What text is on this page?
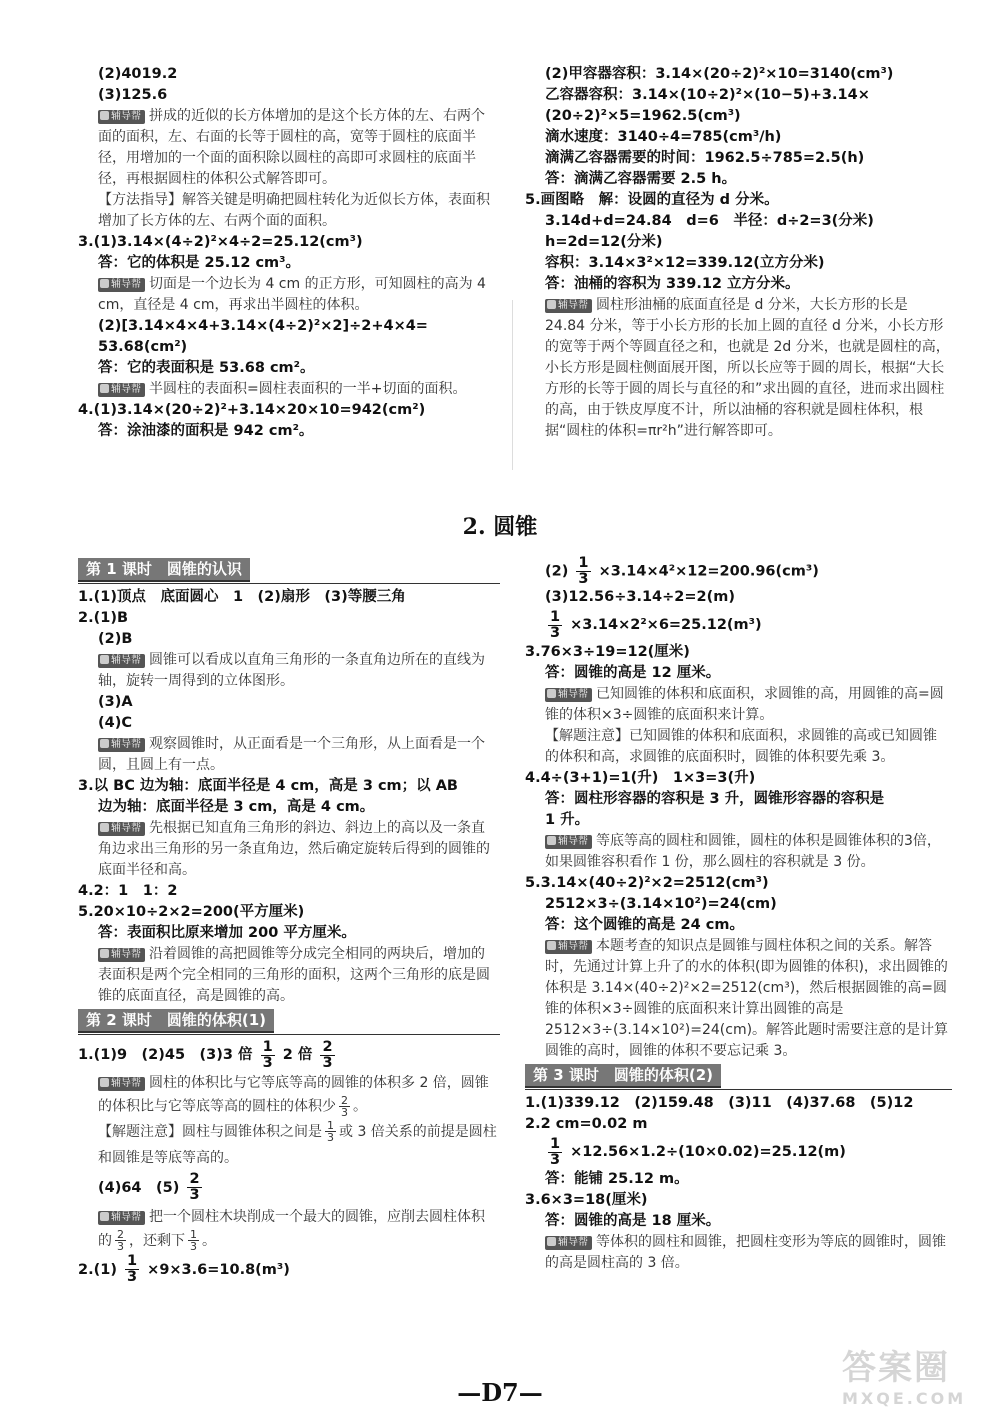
(2)4019.2

(3)125.6

辅导帮 拼成的近似的长方体增加的是这个长方体的左、右两个面的面积，左、右面的长等于圆柱的高，宽等于圆柱的底面半径，用增加的一个面的面积除以圆柱的高即可求圆柱的底面半径，再根据圆柱的体积公式解答即可。
【方法指导】解答关键是明确把圆柱转化为近似长方体，表面积增加了长方体的左、右两个面的面积。

3.(1)3.14×(4÷2)²×4÷2=25.12(cm³)

答：它的体积是 25.12 cm³。

辅导帮 切面是一个边长为 4 cm 的正方形，可知圆柱的高为 4 cm，直径是 4 cm，再求出半圆柱的体积。

(2)[3.14×4×4+3.14×(4÷2)²×2]÷2+4×4=

53.68(cm²)

答：它的表面积是 53.68 cm²。

辅导帮 半圆柱的表面积=圆柱表面积的一半+切面的面积。

4.(1)3.14×(20÷2)²+3.14×20×10=942(cm²)

答：涂油漆的面积是 942 cm²。

(2)甲容器容积：3.14×(20÷2)²×10=3140(cm³)

乙容器容积：3.14×(10÷2)²×(10−5)+3.14×

(20÷2)²×5=1962.5(cm³)

滴水速度：3140÷4=785(cm³/h)

滴满乙容器需要的时间：1962.5÷785=2.5(h)

答：滴满乙容器需要 2.5 h。

5.画图略　解：设圆的直径为 d 分米。

3.14d+d=24.84　d=6　半径：d÷2=3(分米)

h=2d=12(分米)

容积：3.14×3²×12=339.12(立方分米)

答：油桶的容积为 339.12 立方分米。

辅导帮 圆柱形油桶的底面直径是 d 分米，大长方形的长是 24.84 分米，等于小长方形的长加上圆的直径 d 分米，小长方形的宽等于两个等圆直径之和，也就是 2d 分米，也就是圆柱的高，小长方形是圆柱侧面展开图，所以长应等于圆的周长，根据“大长方形的长等于圆的周长与直径的和”求出圆的直径，进而求出圆柱的高，由于铁皮厚度不计，所以油桶的容积就是圆柱体积，根据“圆柱的体积=πr²h”进行解答即可。
2. 圆锥
第 1 课时　圆锥的认识

1.(1)顶点　底面圆心　1　(2)扇形　(3)等腰三角

2.(1)B

(2)B

辅导帮 圆锥可以看成以直角三角形的一条直角边所在的直线为轴，旋转一周得到的立体图形。

(3)A

(4)C

辅导帮 观察圆锥时，从正面看是一个三角形，从上面看是一个圆，且圆上有一点。

3.以 BC 边为轴：底面半径是 4 cm，高是 3 cm；以 AB

边为轴：底面半径是 3 cm，高是 4 cm。

辅导帮 先根据已知直角三角形的斜边、斜边上的高以及一条直角边求出三角形的另一条直角边，然后确定旋转后得到的圆锥的底面半径和高。

4.2：1　1：2

5.20×10÷2×2=200(平方厘米)

答：表面积比原来增加 200 平方厘米。

辅导帮 沿着圆锥的高把圆锥等分成完全相同的两块后，增加的表面积是两个完全相同的三角形的面积，这两个三角形的底是圆锥的底面直径，高是圆锥的高。
第 2 课时　圆锥的体积(1)

1.(1)9　(2)45　(3)3 倍 $\frac{1}{3} 2$ 倍 $\frac{2}{3}$

辅导帮 圆柱的体积比与它等底等高的圆锥的体积多 2 倍，圆锥的体积比与它等底等高的圆柱的体积少 $\frac{2}{3}$ 。
【解题注意】圆柱与圆锥体积之间是 $\frac{1}{3}$ 或 3 倍关系的前提是圆柱和圆锥是等底等高的。

(4)64　$(5) \frac{2}{3}$

辅导帮 把一个圆柱木块削成一个最大的圆锥，应削去圆柱体积的 $\frac{2}{3}$ ，还剩下 $\frac{1}{3}$ 。

$2.(1) \frac{1}{3} \times 9\times 3.6=10.8(m^3)$

$(2) \frac{1}{3} \times 3.14\times 4^2\times 12=200.96(cm^3)$

(3)12.56÷3.14÷2=2(m)

$\frac{1}{3} \times 3.14\times 2^2\times 6=25.12(m^3)$

3.76×3÷19=12(厘米)

答：圆锥的高是 12 厘米。

辅导帮 已知圆锥的体积和底面积，求圆锥的高，用圆锥的高=圆锥的体积×3÷圆锥的底面积来计算。
【解题注意】已知圆锥的体积和底面积，求圆锥的高或已知圆锥的体积和高，求圆锥的底面积时，圆锥的体积要先乘 3。

4.4÷(3+1)=1(升)　1×3=3(升)

答：圆柱形容器的容积是 3 升，圆锥形容器的容积是

1 升。

辅导帮 等底等高的圆柱和圆锥，圆柱的体积是圆锥体积的3倍，如果圆锥容积看作 1 份，那么圆柱的容积就是 3 份。

5.3.14×(40÷2)²×2=2512(cm³)

2512×3÷(3.14×10²)=24(cm)

答：这个圆锥的高是 24 cm。

辅导帮 本题考查的知识点是圆锥与圆柱体积之间的关系。解答时，先通过计算上升了的水的体积(即为圆锥的体积)，求出圆锥的体积是 3.14×(40÷2)²×2=2512(cm³)，然后根据圆锥的高=圆锥的体积×3÷圆锥的底面积来计算出圆锥的高是 2512×3÷(3.14×10²)=24(cm)。解答此题时需要注意的是计算圆锥的高时，圆锥的体积不要忘记乘 3。
第 3 课时　圆锥的体积(2)

1.(1)339.12　(2)159.48　(3)11　(4)37.68　(5)12

2.2 cm=0.02 m

$\frac{1}{3} \times 12.56\times 1.2\div(10\times 0.02)=25.12(m)$

答：能铺 25.12 m。

3.6×3=18(厘米)

答：圆锥的高是 18 厘米。

辅导帮 等体积的圆柱和圆锥，把圆柱变形为等底的圆锥时，圆锥的高是圆柱高的 3 倍。
—D7—
答案圈
MXQE.COM
